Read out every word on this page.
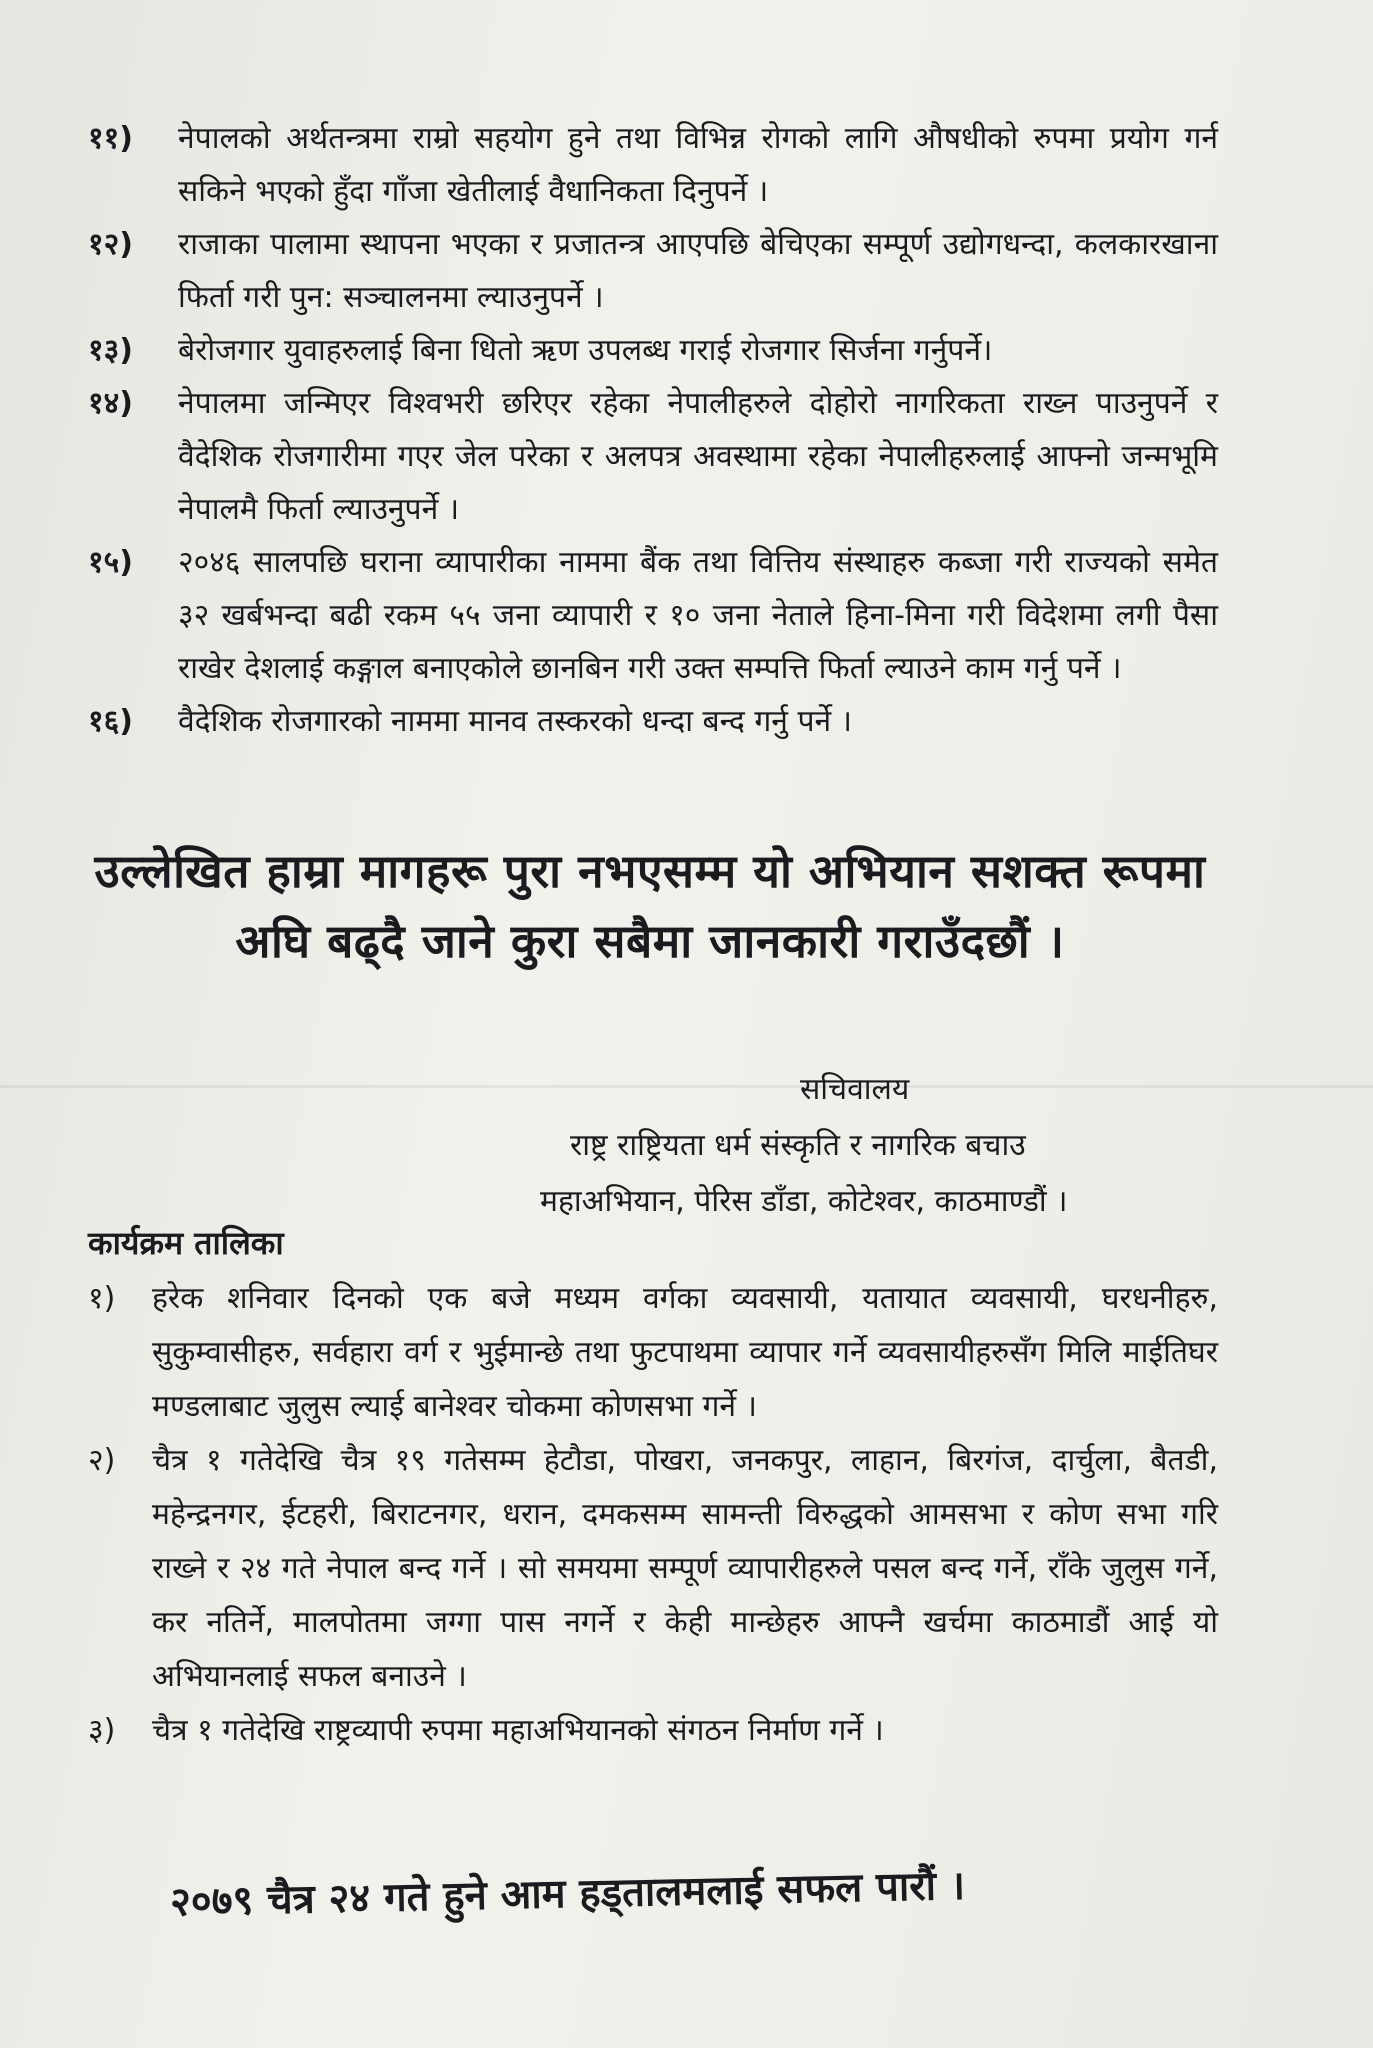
११) नेपालको अर्थतन्त्रमा राम्रो सहयोग हुने तथा विभिन्न रोगको लागि औषधीको रुपमा प्रयोग गर्न सकिने भएको हुँदा गाँजा खेतीलाई वैधानिकता दिनुपर्ने ।
१२) राजाका पालामा स्थापना भएका र प्रजातन्त्र आएपछि बेचिएका सम्पूर्ण उद्योगधन्दा, कलकारखाना फिर्ता गरी पुन: सञ्चालनमा ल्याउनुपर्ने ।
१३) बेरोजगार युवाहरुलाई बिना धितो ऋण उपलब्ध गराई रोजगार सिर्जना गर्नुपर्ने।
१४) नेपालमा जन्मिएर विश्वभरी छरिएर रहेका नेपालीहरुले दोहोरो नागरिकता राख्न पाउनुपर्ने र वैदेशिक रोजगारीमा गएर जेल परेका र अलपत्र अवस्थामा रहेका नेपालीहरुलाई आफ्नो जन्मभूमि नेपालमै फिर्ता ल्याउनुपर्ने ।
१५) २०४६ सालपछि घराना व्यापारीका नाममा बैंक तथा वित्तिय संस्थाहरु कब्जा गरी राज्यको समेत ३२ खर्बभन्दा बढी रकम ५५ जना व्यापारी र १० जना नेताले हिना-मिना गरी विदेशमा लगी पैसा राखेर देशलाई कङ्गाल बनाएकोले छानबिन गरी उक्त सम्पत्ति फिर्ता ल्याउने काम गर्नु पर्ने ।
१६) वैदेशिक रोजगारको नाममा मानव तस्करको धन्दा बन्द गर्नु पर्ने ।
उल्लेखित हाम्रा मागहरू पुरा नभएसम्म यो अभियान सशक्त रूपमा अघि बढ्दै जाने कुरा सबैमा जानकारी गराउँदछौं ।
सचिवालय
राष्ट्र राष्ट्रियता धर्म संस्कृति र नागरिक बचाउ
महाअभियान, पेरिस डाँडा, कोटेश्वर, काठमाण्डौं ।
कार्यक्रम तालिका
१) हरेक शनिवार दिनको एक बजे मध्यम वर्गका व्यवसायी, यतायात व्यवसायी, घरधनीहरु, सुकुम्वासीहरु, सर्वहारा वर्ग र भुईमान्छे तथा फुटपाथमा व्यापार गर्ने व्यवसायीहरुसँग मिलि माईतिघर मण्डलाबाट जुलुस ल्याई बानेश्वर चोकमा कोणसभा गर्ने ।
२) चैत्र १ गतेदेखि चैत्र १९ गतेसम्म हेटौडा, पोखरा, जनकपुर, लाहान, बिरगंज, दार्चुला, बैतडी, महेन्द्रनगर, ईटहरी, बिराटनगर, धरान, दमकसम्म सामन्ती विरुद्धको आमसभा र कोण सभा गरि राख्ने र २४ गते नेपाल बन्द गर्ने । सो समयमा सम्पूर्ण व्यापारीहरुले पसल बन्द गर्ने, राँके जुलुस गर्ने, कर नतिर्ने, मालपोतमा जग्गा पास नगर्ने र केही मान्छेहरु आफ्नै खर्चमा काठमाडौं आई यो अभियानलाई सफल बनाउने ।
३) चैत्र १ गतेदेखि राष्ट्रव्यापी रुपमा महाअभियानको संगठन निर्माण गर्ने ।
२०७९ चैत्र २४ गते हुने आम हड्तालमलाई सफल पारौं ।
